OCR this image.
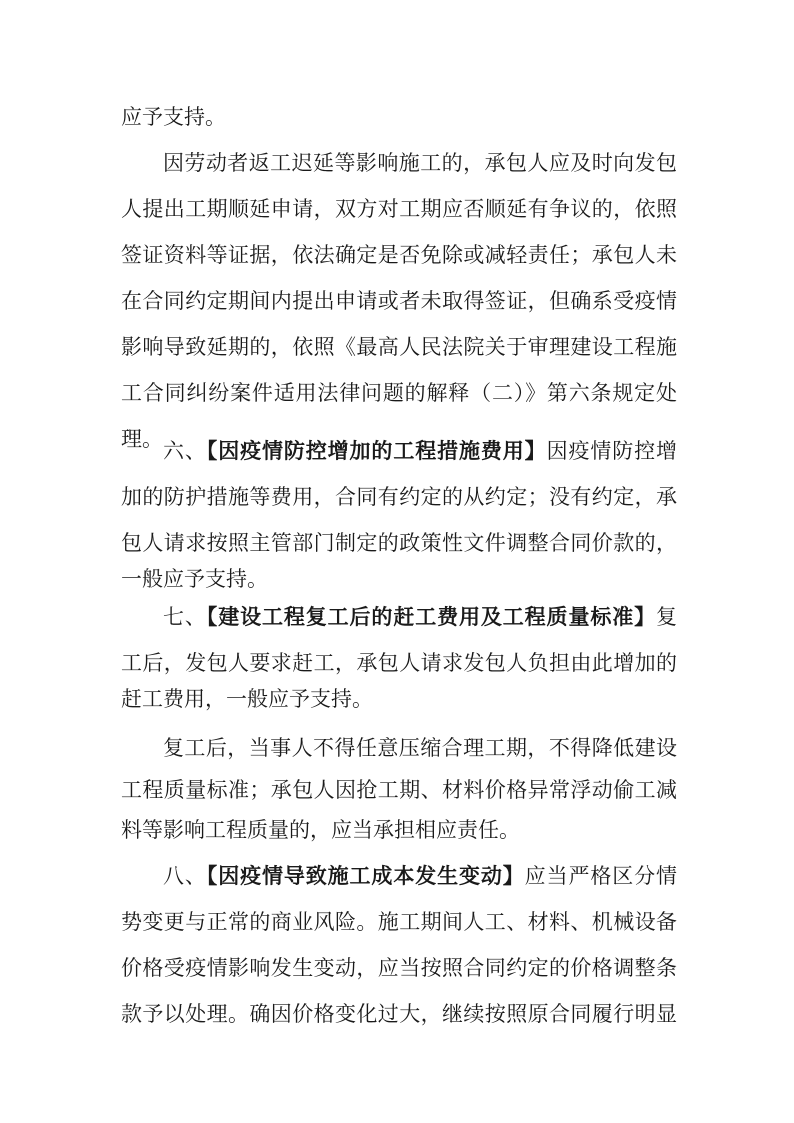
应予支持。
因劳动者返工迟延等影响施工的，承包人应及时向发包
人提出工期顺延申请，双方对工期应否顺延有争议的，依照
签证资料等证据，依法确定是否免除或减轻责任；承包人未
在合同约定期间内提出申请或者未取得签证，但确系受疫情
影响导致延期的，依照《最高人民法院关于审理建设工程施
工合同纠纷案件适用法律问题的解释（二）》第六条规定处
理。 六、【因疫情防控增加的工程措施费用】因疫情防控增
加的防护措施等费用，合同有约定的从约定；没有约定，承
包人请求按照主管部门制定的政策性文件调整合同价款的，
一般应予支持。
七、【建设工程复工后的赶工费用及工程质量标准】复
工后，发包人要求赶工，承包人请求发包人负担由此增加的
赶工费用，一般应予支持。
复工后，当事人不得任意压缩合理工期，不得降低建设
工程质量标准；承包人因抢工期、材料价格异常浮动偷工减
料等影响工程质量的，应当承担相应责任。
八、【因疫情导致施工成本发生变动】应当严格区分情
势变更与正常的商业风险。施工期间人工、材料、机械设备
价格受疫情影响发生变动，应当按照合同约定的价格调整条
款予以处理。确因价格变化过大，继续按照原合同履行明显
